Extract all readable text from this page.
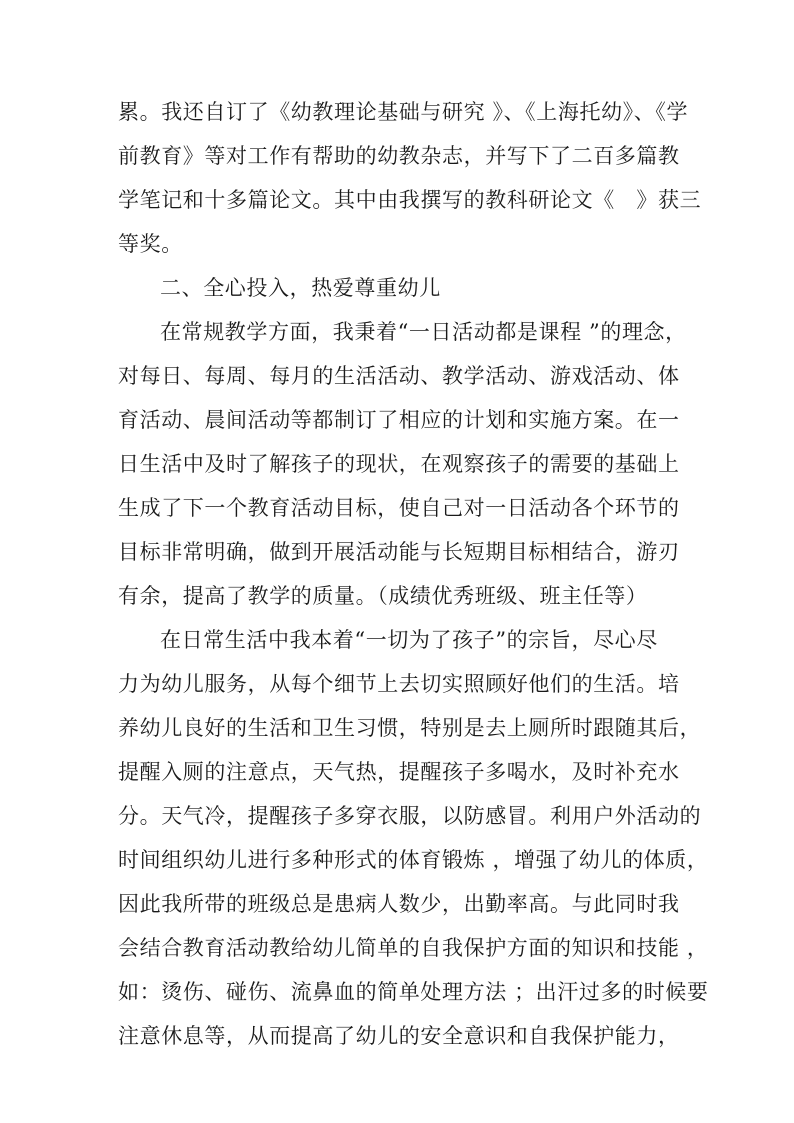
累。我还自订了《幼教理论基础与研究 》、《上海托幼》、《学
前教育》等对工作有帮助的幼教杂志，并写下了二百多篇教
学笔记和十多篇论文。其中由我撰写的教科研论文《　》获三
等奖。
二、全心投入，热爱尊重幼儿
在常规教学方面，我秉着“一日活动都是课程 ”的理念，
对每日、每周、每月的生活活动、教学活动、游戏活动、体
育活动、晨间活动等都制订了相应的计划和实施方案。在一
日生活中及时了解孩子的现状，在观察孩子的需要的基础上
生成了下一个教育活动目标，使自己对一日活动各个环节的
目标非常明确，做到开展活动能与长短期目标相结合，游刃
有余，提高了教学的质量。（成绩优秀班级、班主任等）
在日常生活中我本着“一切为了孩子”的宗旨，尽心尽
力为幼儿服务，从每个细节上去切实照顾好他们的生活。培
养幼儿良好的生活和卫生习惯，特别是去上厕所时跟随其后，
提醒入厕的注意点，天气热，提醒孩子多喝水，及时补充水
分。天气冷，提醒孩子多穿衣服，以防感冒。利用户外活动的
时间组织幼儿进行多种形式的体育锻炼 ，增强了幼儿的体质，
因此我所带的班级总是患病人数少，出勤率高。与此同时我
会结合教育活动教给幼儿简单的自我保护方面的知识和技能 ，
如：烫伤、碰伤、流鼻血的简单处理方法 ；出汗过多的时候要
注意休息等，从而提高了幼儿的安全意识和自我保护能力，
